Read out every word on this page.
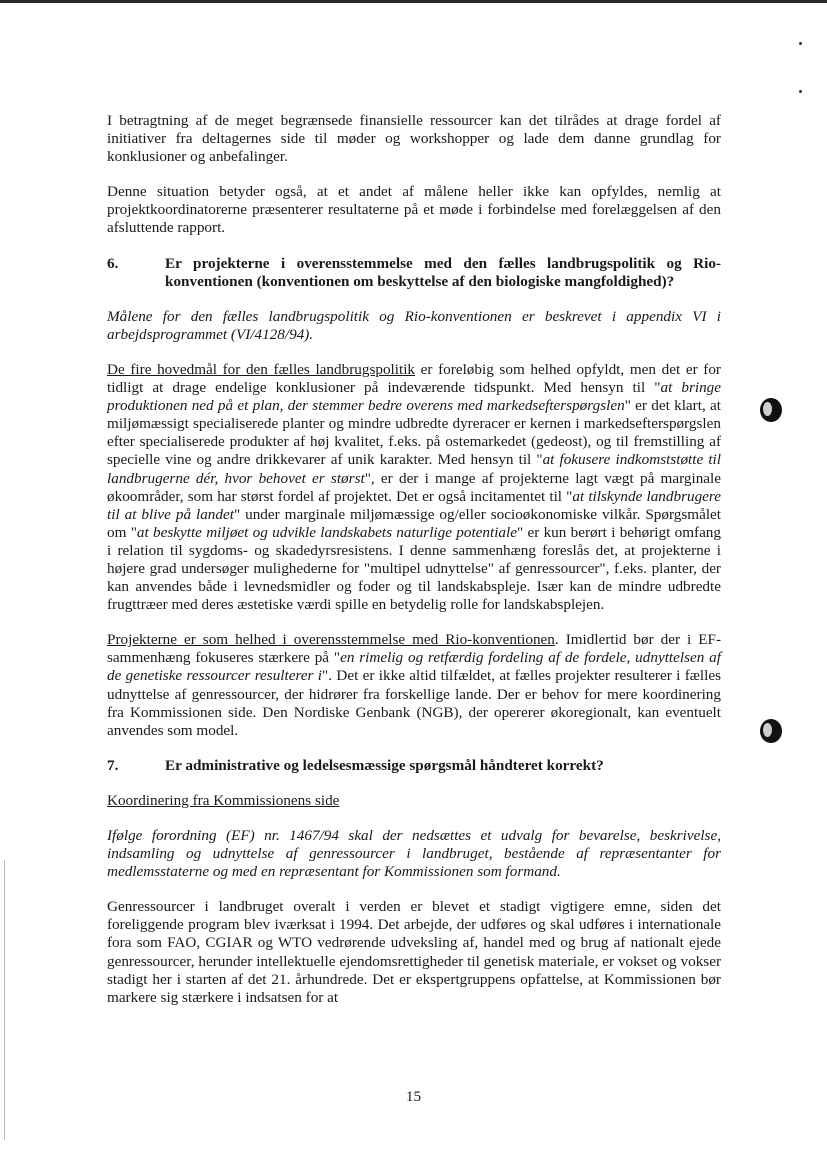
I betragtning af de meget begrænsede finansielle ressourcer kan det tilrådes at drage fordel af initiativer fra deltagernes side til møder og workshopper og lade dem danne grundlag for konklusioner og anbefalinger.

Denne situation betyder også, at et andet af målene heller ikke kan opfyldes, nemlig at projektkoordinatorerne præsenterer resultaterne på et møde i forbindelse med forelæggelsen af den afsluttende rapport.

6.	Er projekterne i overensstemmelse med den fælles landbrugspolitik og Rio-konventionen (konventionen om beskyttelse af den biologiske mangfoldighed)?

Målene for den fælles landbrugspolitik og Rio-konventionen er beskrevet i appendix VI i arbejdsprogrammet (VI/4128/94).

De fire hovedmål for den fælles landbrugspolitik er foreløbig som helhed opfyldt, men det er for tidligt at drage endelige konklusioner på indeværende tidspunkt. Med hensyn til "at bringe produktionen ned på et plan, der stemmer bedre overens med markedsefterspørgslen" er det klart, at miljømæssigt specialiserede planter og mindre udbredte dyreracer er kernen i markedsefterspørgslen efter specialiserede produkter af høj kvalitet, f.eks. på ostemarkedet (gedeost), og til fremstilling af specielle vine og andre drikkevarer af unik karakter. Med hensyn til "at fokusere indkomststøtte til landbrugerne dér, hvor behovet er størst", er der i mange af projekterne lagt vægt på marginale økoområder, som har størst fordel af projektet. Det er også incitamentet til "at tilskynde landbrugere til at blive på landet" under marginale miljømæssige og/eller socioøkonomiske vilkår. Spørgsmålet om "at beskytte miljøet og udvikle landskabets naturlige potentiale" er kun berørt i behørigt omfang i relation til sygdoms- og skadedyrsresistens. I denne sammenhæng foreslås det, at projekterne i højere grad undersøger mulighederne for "multipel udnyttelse" af genressourcer", f.eks. planter, der kan anvendes både i levnedsmidler og foder og til landskabspleje. Især kan de mindre udbredte frugttræer med deres æstetiske værdi spille en betydelig rolle for landskabsplejen.

Projekterne er som helhed i overensstemmelse med Rio-konventionen. Imidlertid bør der i EF-sammenhæng fokuseres stærkere på "en rimelig og retfærdig fordeling af de fordele, udnyttelsen af de genetiske ressourcer resulterer i". Det er ikke altid tilfældet, at fælles projekter resulterer i fælles udnyttelse af genressourcer, der hidrører fra forskellige lande. Der er behov for mere koordinering fra Kommissionen side. Den Nordiske Genbank (NGB), der opererer økoregionalt, kan eventuelt anvendes som model.

7.	Er administrative og ledelsesmæssige spørgsmål håndteret korrekt?

Koordinering fra Kommissionens side

Ifølge forordning (EF) nr. 1467/94 skal der nedsættes et udvalg for bevarelse, beskrivelse, indsamling og udnyttelse af genressourcer i landbruget, bestående af repræsentanter for medlemsstaterne og med en repræsentant for Kommissionen som formand.

Genressourcer i landbruget overalt i verden er blevet et stadigt vigtigere emne, siden det foreliggende program blev iværksat i 1994. Det arbejde, der udføres og skal udføres i internationale fora som FAO, CGIAR og WTO vedrørende udveksling af, handel med og brug af nationalt ejede genressourcer, herunder intellektuelle ejendomsrettigheder til genetisk materiale, er vokset og vokser stadigt her i starten af det 21. århundrede. Det er ekspertgruppens opfattelse, at Kommissionen bør markere sig stærkere i indsatsen for at

15
